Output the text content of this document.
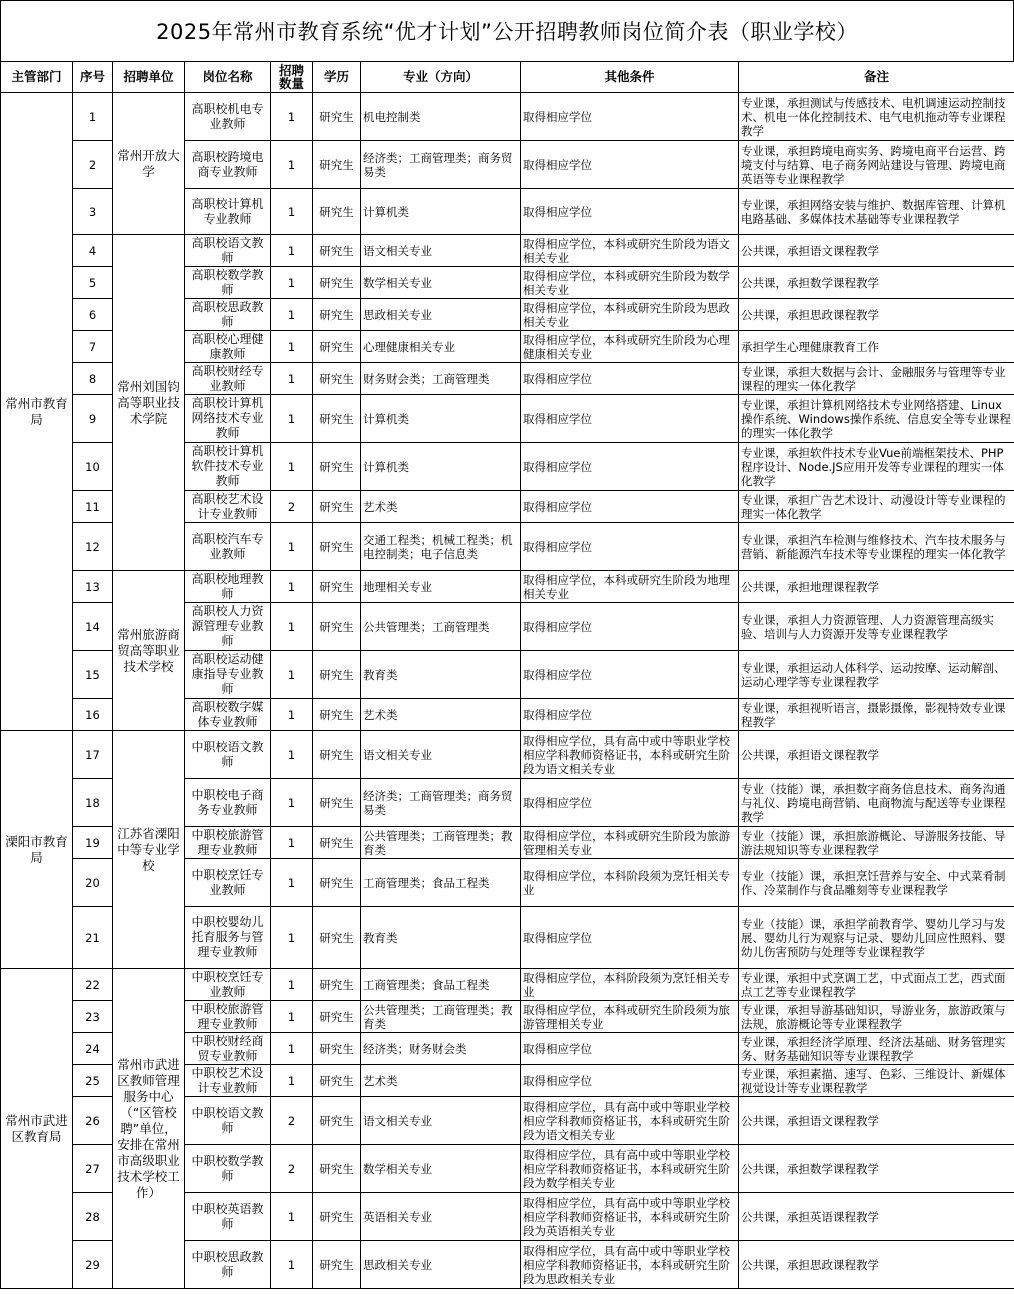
2025年常州市教育系统“优才计划”公开招聘教师岗位简介表（职业学校）
主管部门	序号	招聘单位	岗位名称	招聘数量	学历	专业（方向）	其他条件	备注
常州市教育局	1	常州开放大学	高职校机电专业教师	1	研究生	机电控制类	取得相应学位	专业课，承担测试与传感技术、电机调速运动控制技术、机电一体化控制技术、电气电机拖动等专业课程教学
	2		高职校跨境电商专业教师	1	研究生	经济类；工商管理类；商务贸易类	取得相应学位	专业课，承担跨境电商实务、跨境电商平台运营、跨境支付与结算、电子商务网站建设与管理、跨境电商英语等专业课程教学
	3		高职校计算机专业教师	1	研究生	计算机类	取得相应学位	专业课，承担网络安装与维护、数据库管理、计算机电路基础、多媒体技术基础等专业课程教学
	4	常州刘国钧高等职业技术学院	高职校语文教师	1	研究生	语文相关专业	取得相应学位，本科或研究生阶段为语文相关专业	公共课，承担语文课程教学
	5		高职校数学教师	1	研究生	数学相关专业	取得相应学位，本科或研究生阶段为数学相关专业	公共课，承担数学课程教学
	6		高职校思政教师	1	研究生	思政相关专业	取得相应学位，本科或研究生阶段为思政相关专业	公共课，承担思政课程教学
	7		高职校心理健康教师	1	研究生	心理健康相关专业	取得相应学位，本科或研究生阶段为心理健康相关专业	承担学生心理健康教育工作
	8		高职校财经专业教师	1	研究生	财务财会类；工商管理类	取得相应学位	专业课，承担大数据与会计、金融服务与管理等专业课程的理实一体化教学
	9		高职校计算机网络技术专业教师	1	研究生	计算机类	取得相应学位	专业课，承担计算机网络技术专业网络搭建、Linux操作系统、Windows操作系统、信息安全等专业课程的理实一体化教学
	10		高职校计算机软件技术专业教师	1	研究生	计算机类	取得相应学位	专业课，承担软件技术专业Vue前端框架技术、PHP程序设计、Node.JS应用开发等专业课程的理实一体化教学
	11		高职校艺术设计专业教师	2	研究生	艺术类	取得相应学位	专业课，承担广告艺术设计、动漫设计等专业课程的理实一体化教学
	12		高职校汽车专业教师	1	研究生	交通工程类；机械工程类；机电控制类；电子信息类	取得相应学位	专业课，承担汽车检测与维修技术、汽车技术服务与营销、新能源汽车技术等专业课程的理实一体化教学
	13	常州旅游商贸高等职业技术学校	高职校地理教师	1	研究生	地理相关专业	取得相应学位，本科或研究生阶段为地理相关专业	公共课，承担地理课程教学
	14		高职校人力资源管理专业教师	1	研究生	公共管理类；工商管理类	取得相应学位	专业课，承担人力资源管理、人力资源管理高级实验、培训与人力资源开发等专业课程教学
	15		高职校运动健康指导专业教师	1	研究生	教育类	取得相应学位	专业课，承担运动人体科学、运动按摩、运动解剖、运动心理学等专业课程教学
	16		高职校数字媒体专业教师	1	研究生	艺术类	取得相应学位	专业课，承担视听语言，摄影摄像，影视特效专业课程教学
溧阳市教育局	17	江苏省溧阳中等专业学校	中职校语文教师	1	研究生	语文相关专业	取得相应学位，具有高中或中等职业学校相应学科教师资格证书，本科或研究生阶段为语文相关专业	公共课，承担语文课程教学
	18		中职校电子商务专业教师	1	研究生	经济类；工商管理类；商务贸易类	取得相应学位	专业（技能）课，承担数字商务信息技术、商务沟通与礼仪、跨境电商营销、电商物流与配送等专业课程教学
	19		中职校旅游管理专业教师	1	研究生	公共管理类；工商管理类；教育类	取得相应学位，本科或研究生阶段为旅游管理相关专业	专业（技能）课，承担旅游概论、导游服务技能、导游法规知识等专业课程教学
	20		中职校烹饪专业教师	1	研究生	工商管理类；食品工程类	取得相应学位，本科阶段须为烹饪相关专业	专业（技能）课，承担烹饪营养与安全、中式菜肴制作、冷菜制作与食品雕刻等专业课程教学
	21		中职校婴幼儿托育服务与管理专业教师	1	研究生	教育类	取得相应学位	专业（技能）课，承担学前教育学、婴幼儿学习与发展、婴幼儿行为观察与记录、婴幼儿回应性照料、婴幼儿伤害预防与处理等专业课程教学
常州市武进区教育局	22	常州市武进区教师管理服务中心（“区管校聘”单位，安排在常州市高级职业技术学校工作）	中职校烹饪专业教师	1	研究生	工商管理类；食品工程类	取得相应学位，本科阶段须为烹饪相关专业	专业课，承担中式烹调工艺，中式面点工艺，西式面点工艺等专业课程教学
	23		中职校旅游管理专业教师	1	研究生	公共管理类；工商管理类；教育类	取得相应学位，本科或研究生阶段须为旅游管理相关专业	专业课，承担导游基础知识，导游业务，旅游政策与法规，旅游概论等专业课程教学
	24		中职校财经商贸专业教师	1	研究生	经济类；财务财会类	取得相应学位	专业课，承担经济学原理、经济法基础、财务管理实务、财务基础知识等专业课程教学
	25		中职校艺术设计专业教师	1	研究生	艺术类	取得相应学位	专业课，承担素描、速写、色彩、三维设计、新媒体视觉设计等专业课程教学
	26		中职校语文教师	2	研究生	语文相关专业	取得相应学位，具有高中或中等职业学校相应学科教师资格证书，本科或研究生阶段为语文相关专业	公共课，承担语文课程教学
	27		中职校数学教师	2	研究生	数学相关专业	取得相应学位，具有高中或中等职业学校相应学科教师资格证书，本科或研究生阶段为数学相关专业	公共课，承担数学课程教学
	28		中职校英语教师	1	研究生	英语相关专业	取得相应学位，具有高中或中等职业学校相应学科教师资格证书，本科或研究生阶段为英语相关专业	公共课，承担英语课程教学
	29		中职校思政教师	1	研究生	思政相关专业	取得相应学位，具有高中或中等职业学校相应学科教师资格证书，本科或研究生阶段为思政相关专业	公共课，承担思政课程教学
